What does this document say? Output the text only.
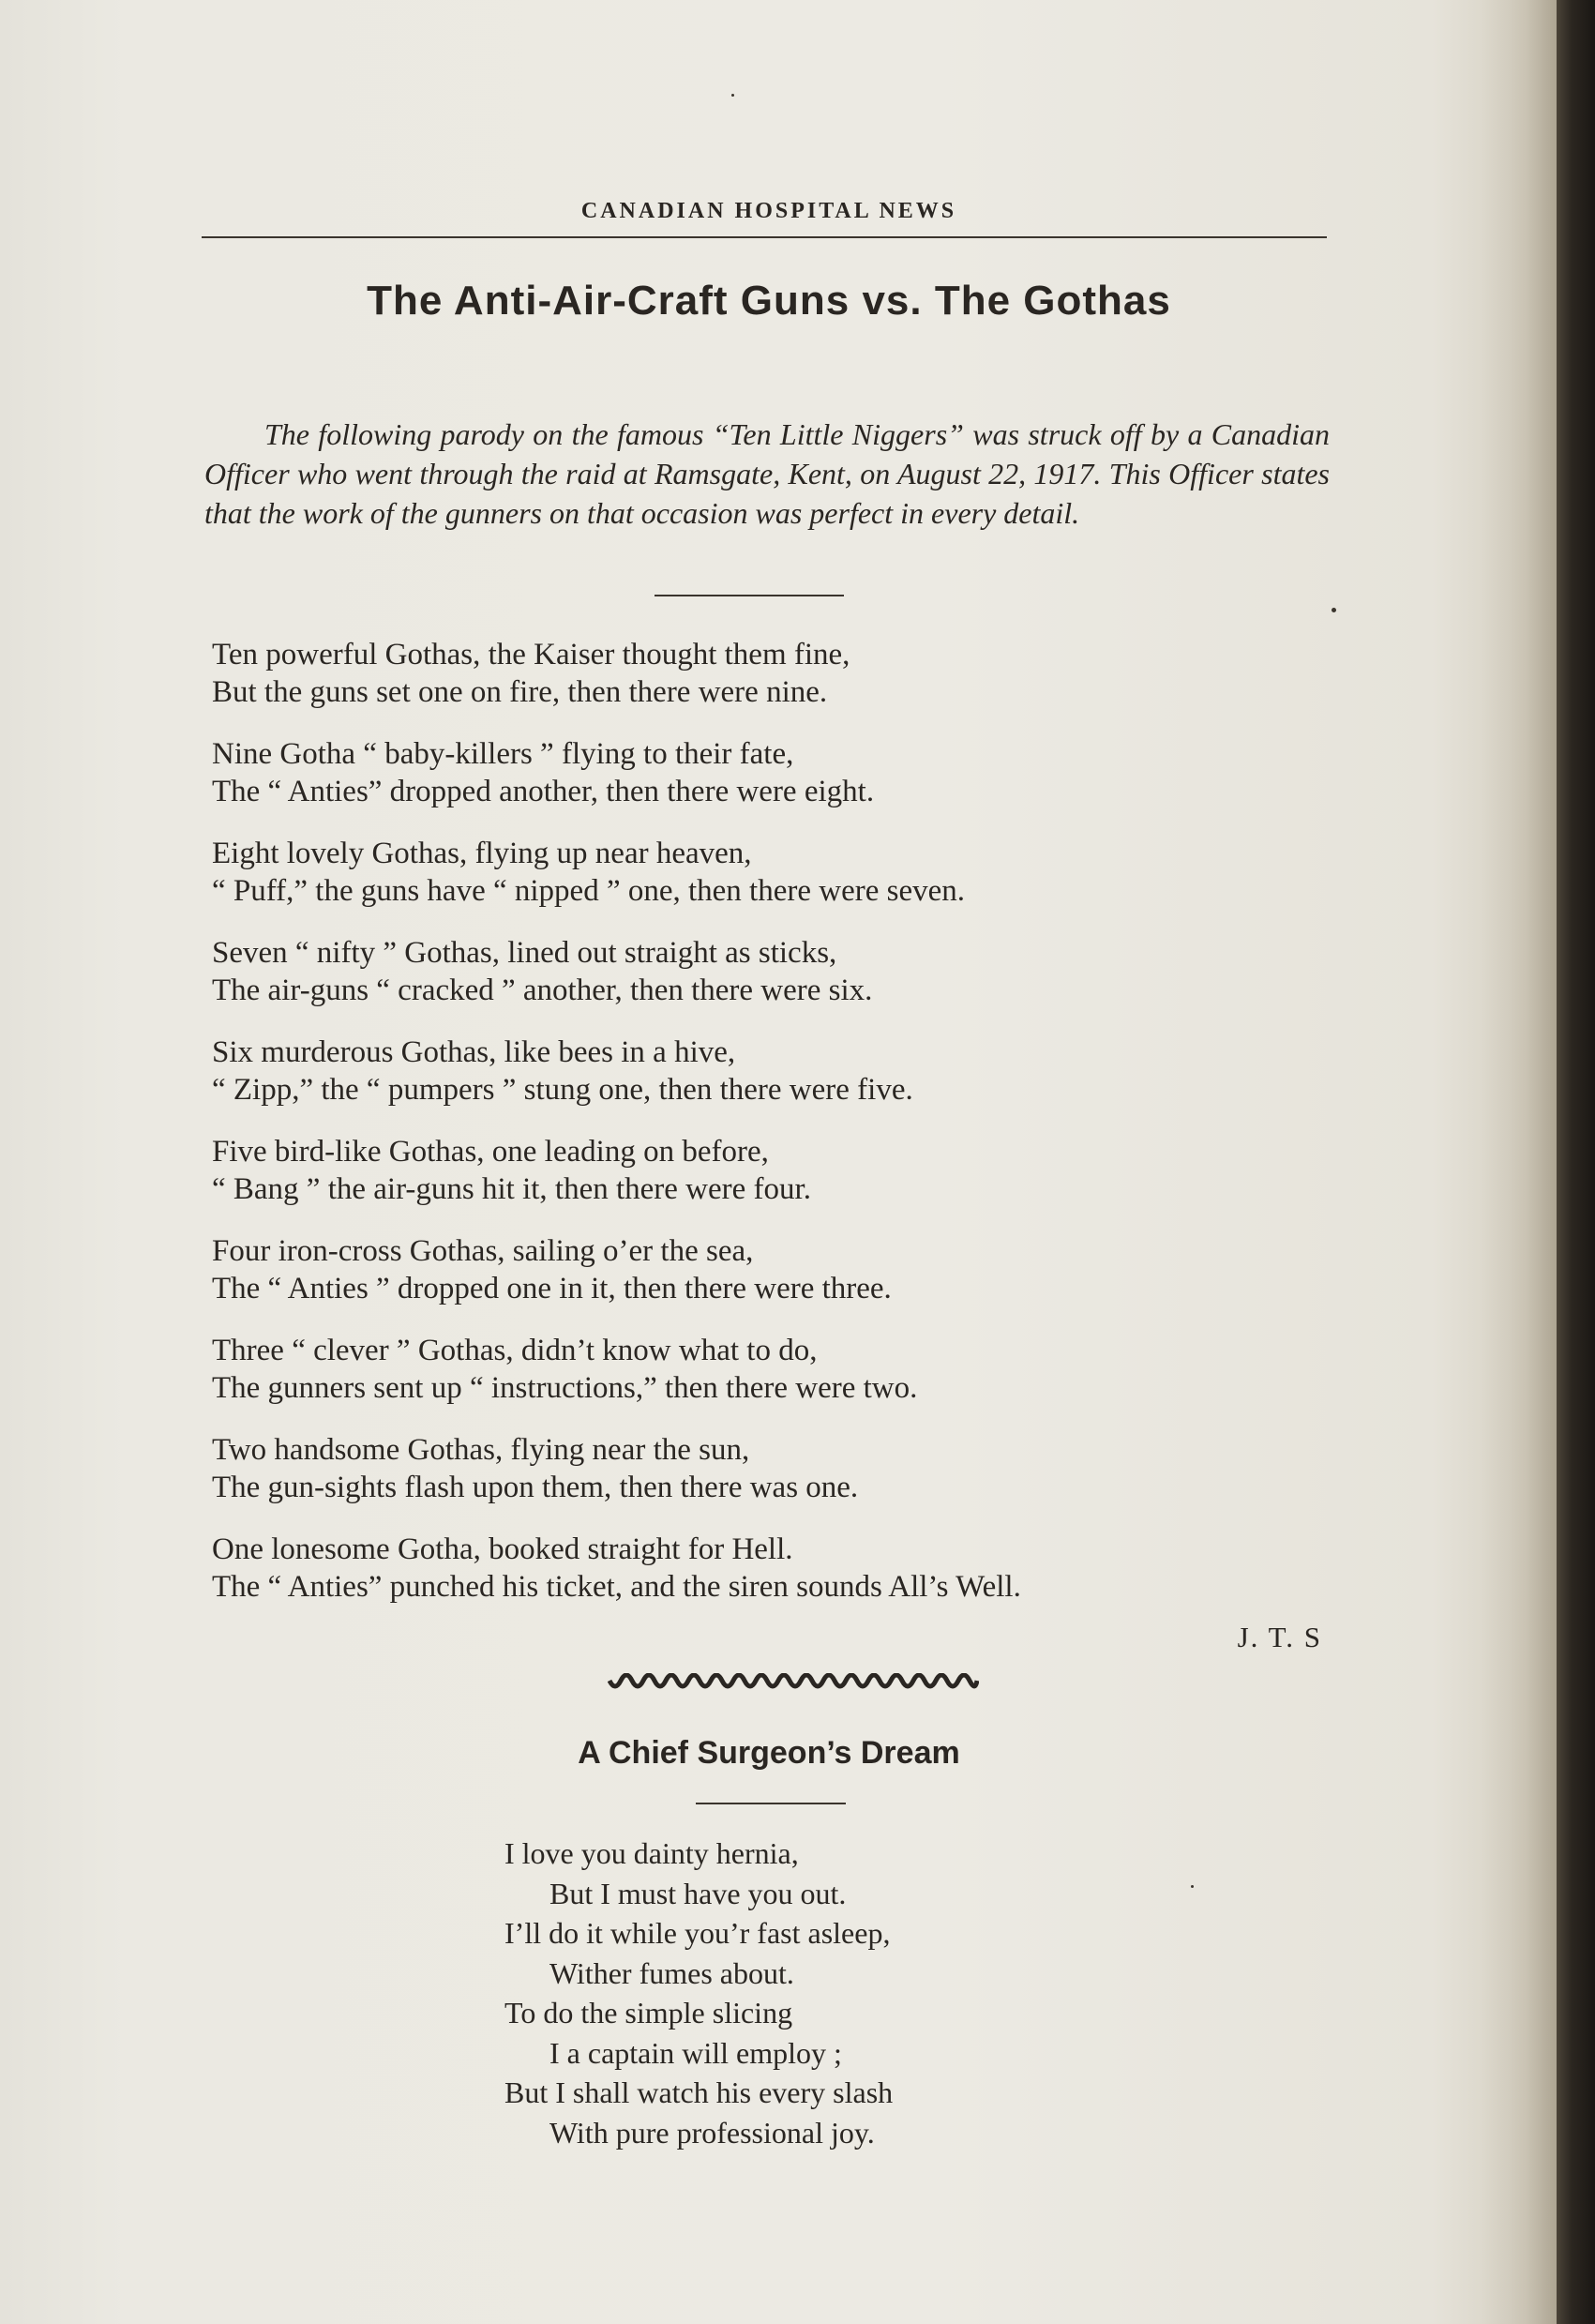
CANADIAN HOSPITAL NEWS
The Anti-Air-Craft Guns vs. The Gothas
The following parody on the famous “Ten Little Niggers” was struck off by a Canadian Officer who went through the raid at Ramsgate, Kent, on August 22, 1917. This Officer states that the work of the gunners on that occasion was perfect in every detail.
Ten powerful Gothas, the Kaiser thought them fine,
But the guns set one on fire, then there were nine.
Nine Gotha “ baby-killers ” flying to their fate,
The “ Anties” dropped another, then there were eight.
Eight lovely Gothas, flying up near heaven,
“ Puff,” the guns have “ nipped ” one, then there were seven.
Seven “ nifty ” Gothas, lined out straight as sticks,
The air-guns “ cracked ” another, then there were six.
Six murderous Gothas, like bees in a hive,
“ Zipp,” the “ pumpers ” stung one, then there were five.
Five bird-like Gothas, one leading on before,
“ Bang ” the air-guns hit it, then there were four.
Four iron-cross Gothas, sailing o’er the sea,
The “ Anties ” dropped one in it, then there were three.
Three “ clever ” Gothas, didn’t know what to do,
The gunners sent up “ instructions,” then there were two.
Two handsome Gothas, flying near the sun,
The gun-sights flash upon them, then there was one.
One lonesome Gotha, booked straight for Hell.
The “ Anties” punched his ticket, and the siren sounds All’s Well.
J. T. S
A Chief Surgeon’s Dream
I love you dainty hernia,
But I must have you out.
I’ll do it while you’r fast asleep,
Wither fumes about.
To do the simple slicing
I a captain will employ ;
But I shall watch his every slash
With pure professional joy.
